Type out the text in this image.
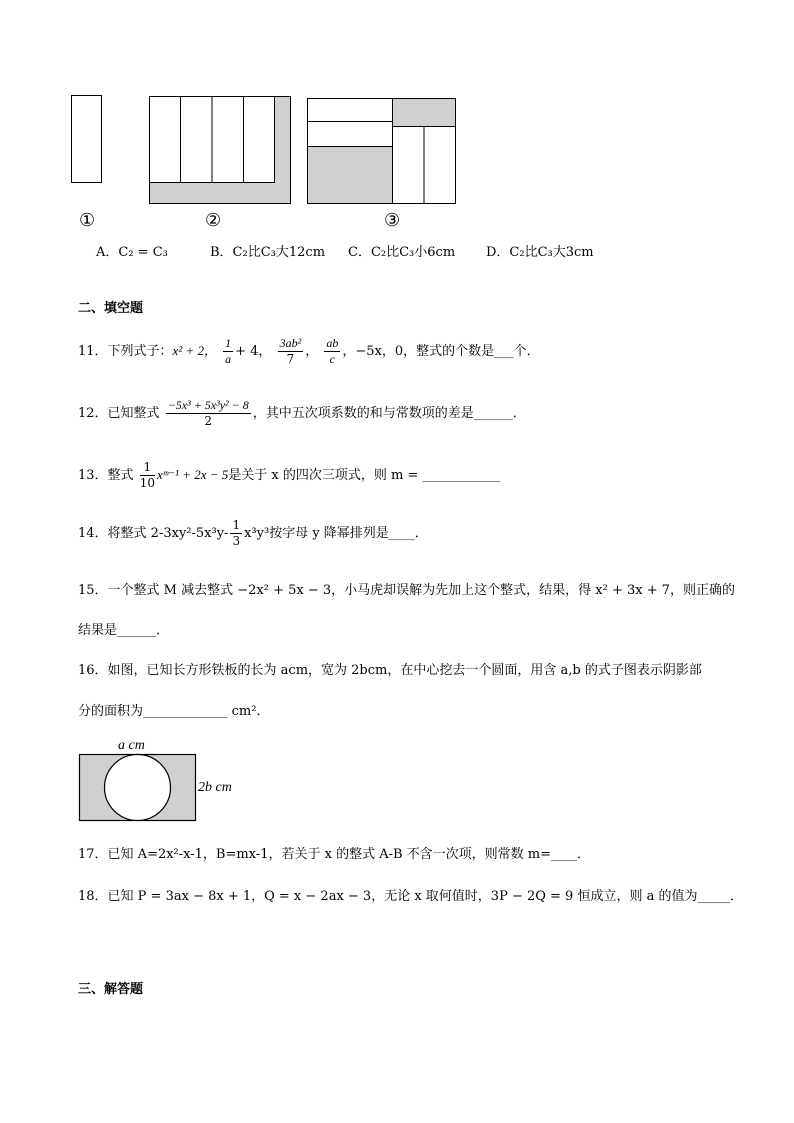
①	②	③
A．C₂ = C₃	B．C₂比C₃大12cm C．C₂比C₃小6cm D．C₂比C₃大3cm
二、填空题
11．下列式子：x² + 2， $\frac{1}{a} + 4$， $\frac{\text{3ab²}}{7}$ ， $\frac{ab}{c}$ ，−5x，0，整式的个数是___个．
12．已知整式 $\frac{\text{−5x³ + 5x³y² − 8}}{2}$ ，其中五次项系数的和与常数项的差是______．
13．整式 $\frac{1}{10}$ xᵐ⁻¹ + 2x − 5是关于 x 的四次三项式，则 m = ____________
14．将整式 $2-3xy^2-5x^3y- \frac{1}{3} x^3y^3$按字母 y 降幂排列是____．
15．一个整式 M 减去整式 −2x² + 5x − 3，小马虎却误解为先加上这个整式，结果，得 x² + 3x + 7，则正确的
结果是______．
16．如图，已知长方形铁板的长为 acm，宽为 2bcm，在中心挖去一个圆面，用含 a,b 的式子图表示阴影部
分的面积为_____________ cm²．
a cm
2b cm
17．已知 A=2x²-x-1，B=mx-1，若关于 x 的整式 A-B 不含一次项，则常数 m=____．
18．已知 P = 3ax − 8x + 1，Q = x − 2ax − 3，无论 x 取何值时，3P − 2Q = 9 恒成立，则 a 的值为_____．
三、解答题
